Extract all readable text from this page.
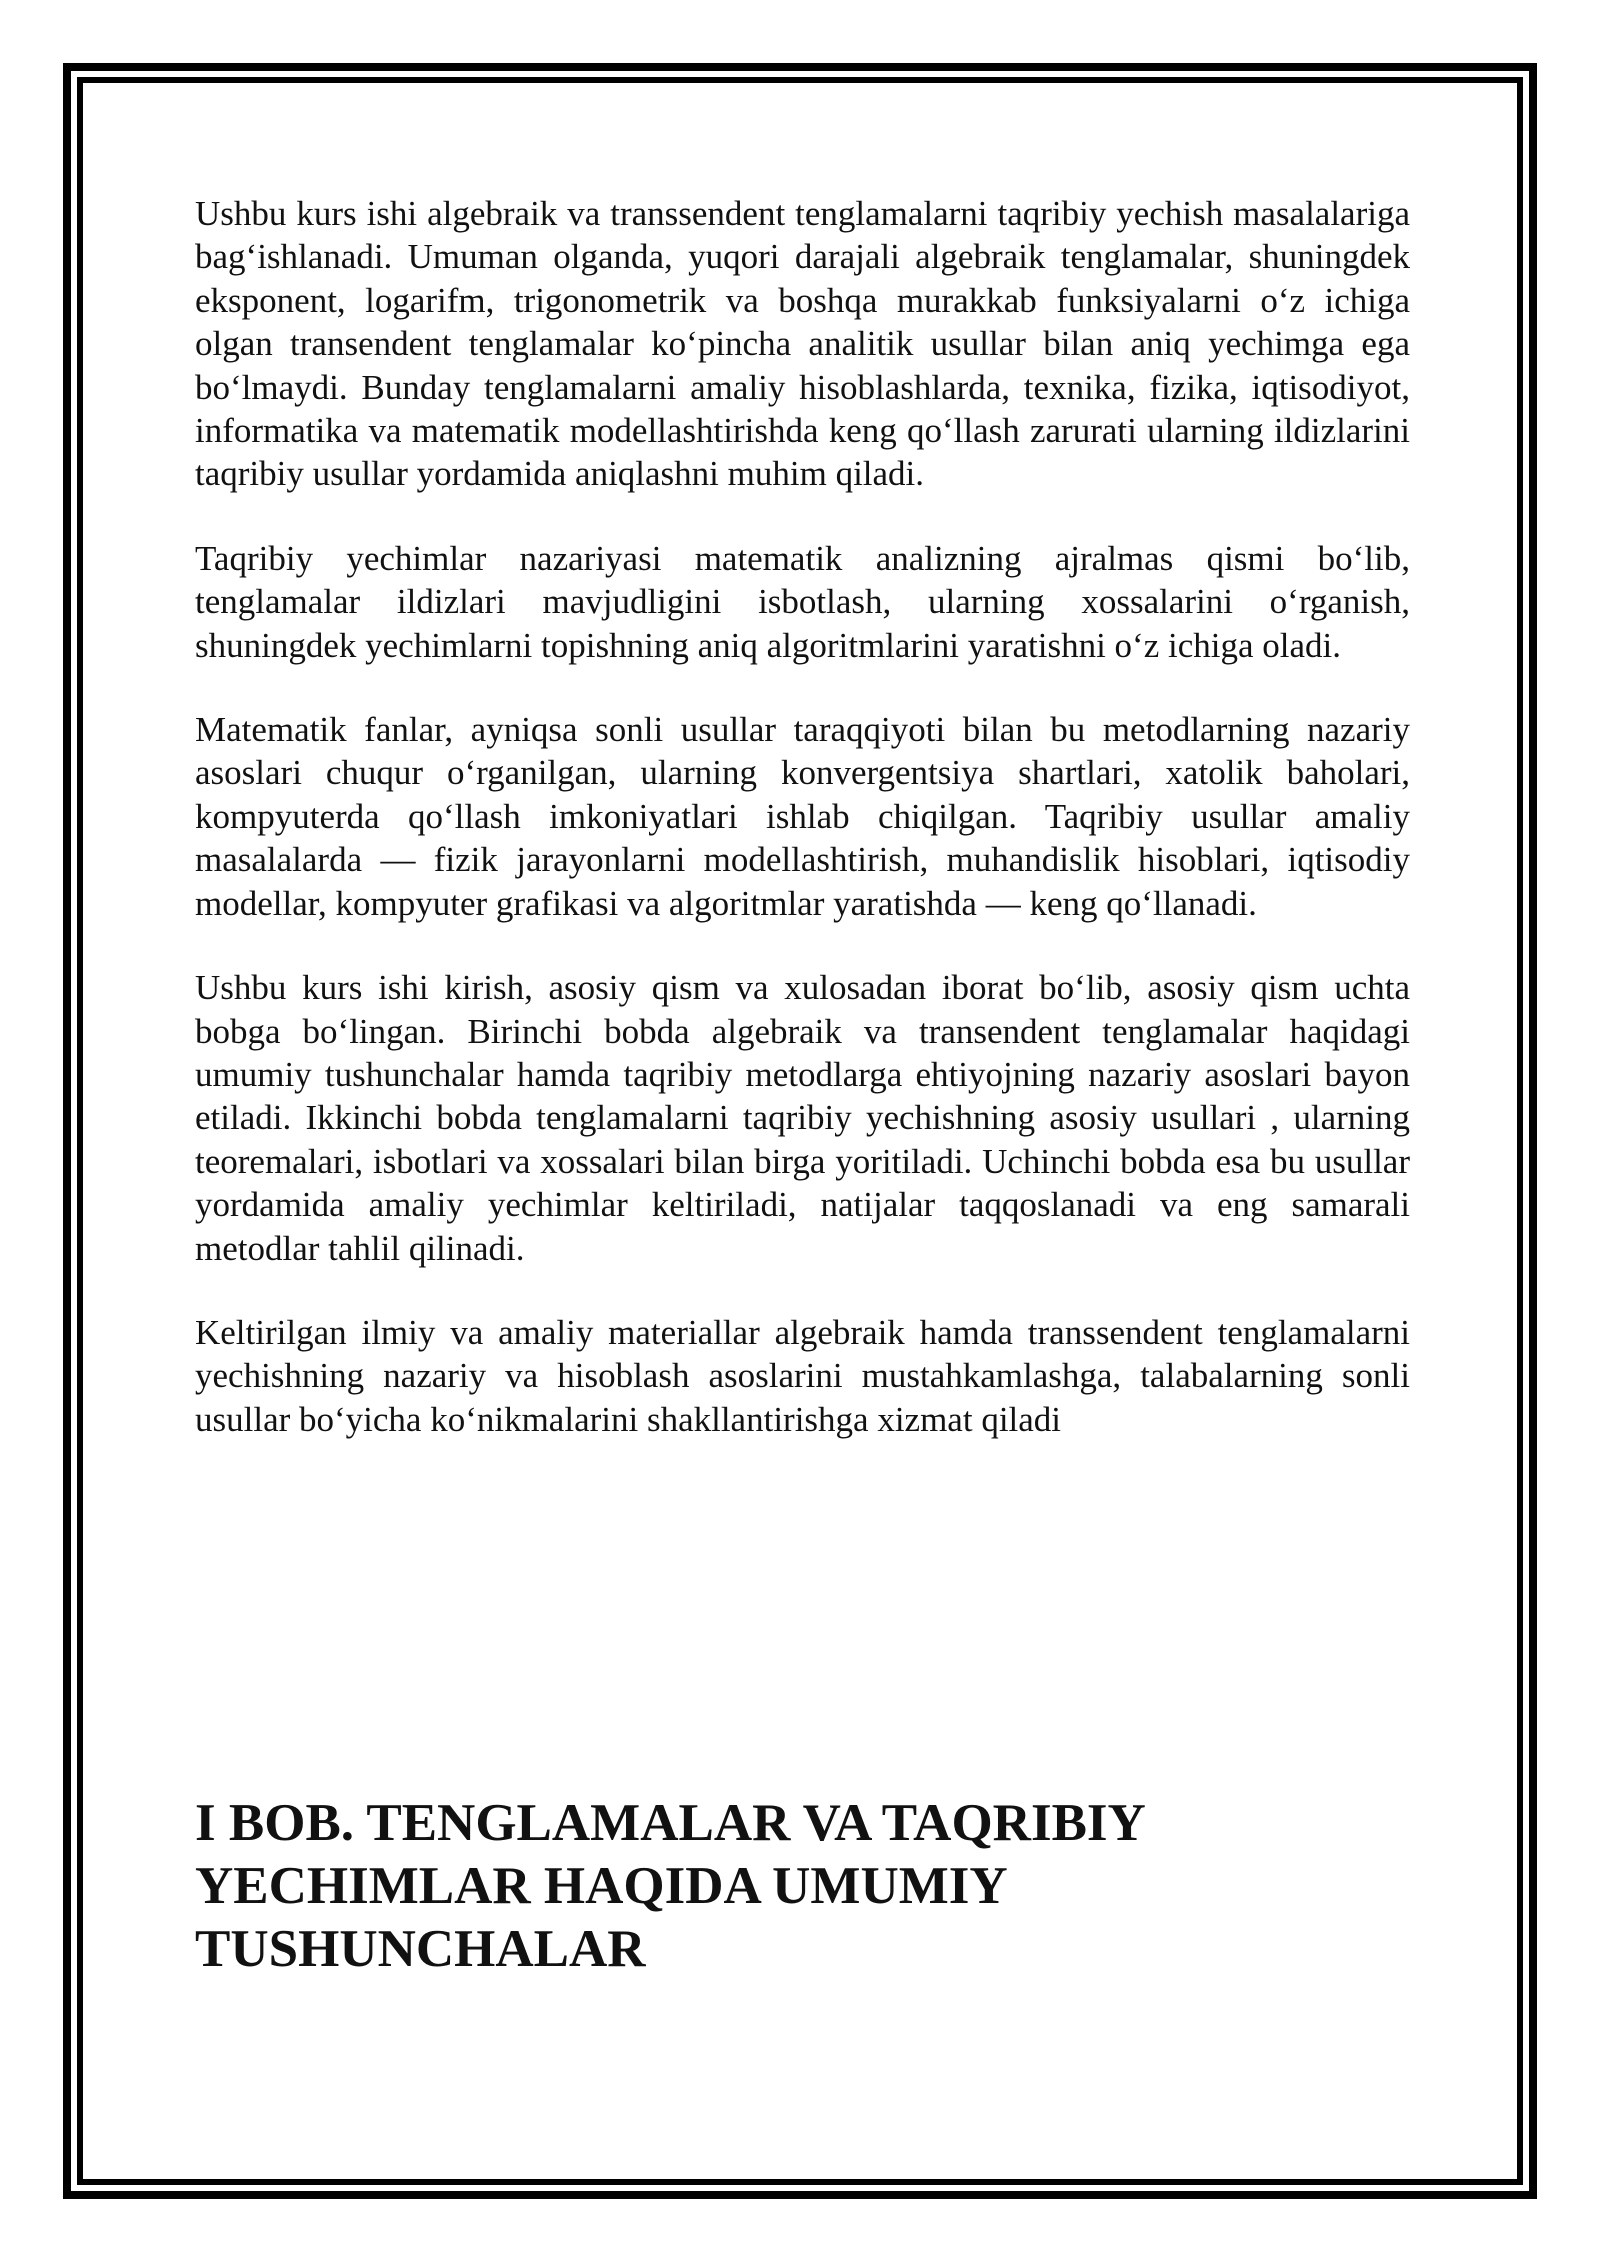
Ushbu kurs ishi algebraik va transsendent tenglamalarni taqribiy yechish masalalariga bag‘ishlanadi. Umuman olganda, yuqori darajali algebraik tenglamalar, shuningdek eksponent, logarifm, trigonometrik va boshqa murakkab funksiyalarni o‘z ichiga olgan transendent tenglamalar ko‘pincha analitik usullar bilan aniq yechimga ega bo‘lmaydi. Bunday tenglamalarni amaliy hisoblashlarda, texnika, fizika, iqtisodiyot, informatika va matematik modellashtirishda keng qo‘llash zarurati ularning ildizlarini taqribiy usullar yordamida aniqlashni muhim qiladi.

Taqribiy yechimlar nazariyasi matematik analizning ajralmas qismi bo‘lib, tenglamalar ildizlari mavjudligini isbotlash, ularning xossalarini o‘rganish, shuningdek yechimlarni topishning aniq algoritmlarini yaratishni o‘z ichiga oladi.

Matematik fanlar, ayniqsa sonli usullar taraqqiyoti bilan bu metodlarning nazariy asoslari chuqur o‘rganilgan, ularning konvergentsiya shartlari, xatolik baholari, kompyuterda qo‘llash imkoniyatlari ishlab chiqilgan. Taqribiy usullar amaliy masalalarda — fizik jarayonlarni modellashtirish, muhandislik hisoblari, iqtisodiy modellar, kompyuter grafikasi va algoritmlar yaratishda — keng qo‘llanadi.

Ushbu kurs ishi kirish, asosiy qism va xulosadan iborat bo‘lib, asosiy qism uchta bobga bo‘lingan. Birinchi bobda algebraik va transendent tenglamalar haqidagi umumiy tushunchalar hamda taqribiy metodlarga ehtiyojning nazariy asoslari bayon etiladi. Ikkinchi bobda tenglamalarni taqribiy yechishning asosiy usullari , ularning teoremalari, isbotlari va xossalari bilan birga yoritiladi. Uchinchi bobda esa bu usullar yordamida amaliy yechimlar keltiriladi, natijalar taqqoslanadi va eng samarali metodlar tahlil qilinadi.

Keltirilgan ilmiy va amaliy materiallar algebraik hamda transsendent tenglamalarni yechishning nazariy va hisoblash asoslarini mustahkamlashga, talabalarning sonli usullar bo‘yicha ko‘nikmalarini shakllantirishga xizmat qiladi

I BOB. TENGLAMALAR VA TAQRIBIY YECHIMLAR HAQIDA UMUMIY TUSHUNCHALAR
